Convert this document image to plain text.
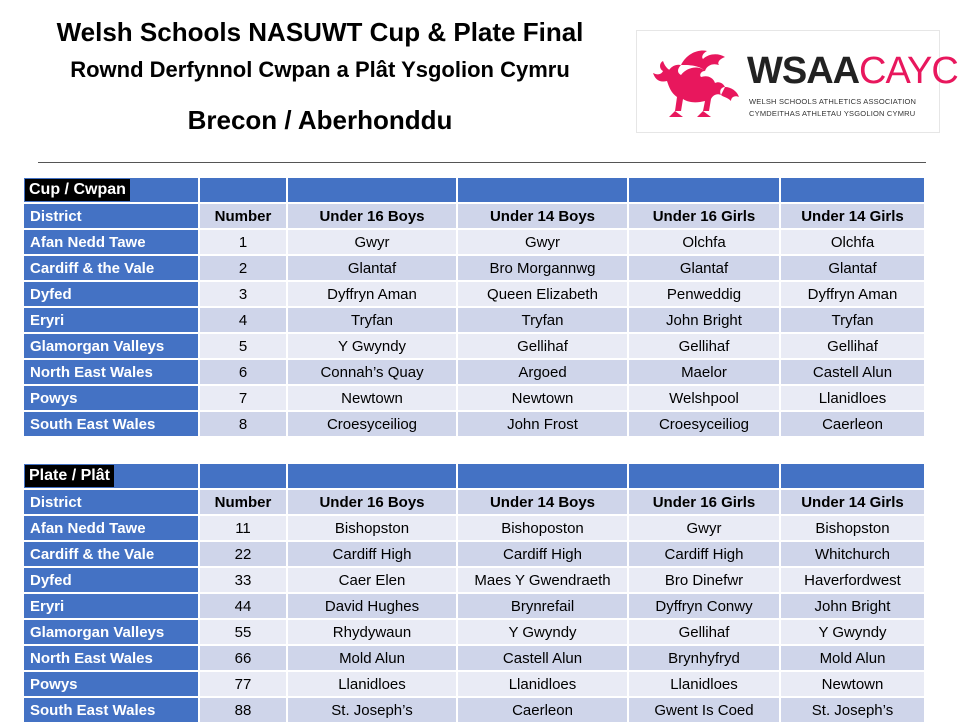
Welsh Schools NASUWT Cup & Plate Final
Rownd Derfynnol Cwpan a Plât Ysgolion Cymru
Brecon / Aberhonddu
WSAA CAYC
WELSH SCHOOLS ATHLETICS ASSOCIATION
CYMDEITHAS ATHLETAU YSGOLION CYMRU
Cup / Cwpan					
District	Number	Under 16 Boys	Under 14 Boys	Under 16 Girls	Under 14 Girls
Afan Nedd Tawe	1	Gwyr	Gwyr	Olchfa	Olchfa
Cardiff & the Vale	2	Glantaf	Bro Morgannwg	Glantaf	Glantaf
Dyfed	3	Dyffryn Aman	Queen Elizabeth	Penweddig	Dyffryn Aman
Eryri	4	Tryfan	Tryfan	John Bright	Tryfan
Glamorgan Valleys	5	Y Gwyndy	Gellihaf	Gellihaf	Gellihaf
North East Wales	6	Connah’s Quay	Argoed	Maelor	Castell Alun
Powys	7	Newtown	Newtown	Welshpool	Llanidloes
South East Wales	8	Croesyceiliog	John Frost	Croesyceiliog	Caerleon
Plate / Plât					
District	Number	Under 16 Boys	Under 14 Boys	Under 16 Girls	Under 14 Girls
Afan Nedd Tawe	11	Bishopston	Bishoposton	Gwyr	Bishopston
Cardiff & the Vale	22	Cardiff High	Cardiff High	Cardiff High	Whitchurch
Dyfed	33	Caer Elen	Maes Y Gwendraeth	Bro Dinefwr	Haverfordwest
Eryri	44	David Hughes	Brynrefail	Dyffryn Conwy	John Bright
Glamorgan Valleys	55	Rhydywaun	Y Gwyndy	Gellihaf	Y Gwyndy
North East Wales	66	Mold Alun	Castell Alun	Brynhyfryd	Mold Alun
Powys	77	Llanidloes	Llanidloes	Llanidloes	Newtown
South East Wales	88	St. Joseph’s	Caerleon	Gwent Is Coed	St. Joseph’s
